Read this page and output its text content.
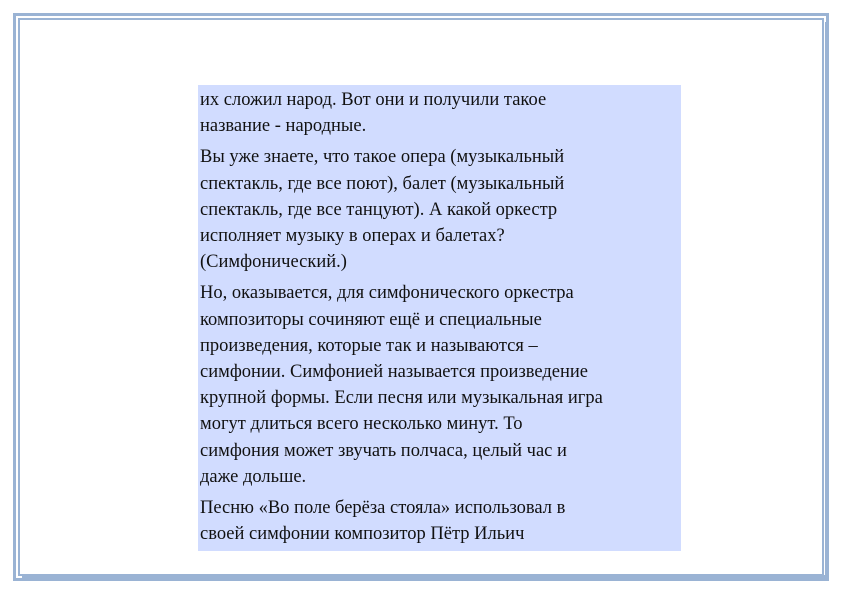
их сложил народ. Вот они и получили такое
название - народные.

Вы уже знаете, что такое опера (музыкальный
спектакль, где все поют), балет (музыкальный
спектакль, где все танцуют). А какой оркестр
исполняет музыку в операх и балетах?
(Симфонический.)

Но, оказывается, для симфонического оркестра
композиторы сочиняют ещё и специальные
произведения, которые так и называются –
симфонии. Симфонией называется произведение
крупной формы. Если песня или музыкальная игра
могут длиться всего несколько минут. То
симфония может звучать полчаса, целый час и
даже дольше.

Песню «Во поле берёза стояла» использовал в
своей симфонии композитор Пётр Ильич
